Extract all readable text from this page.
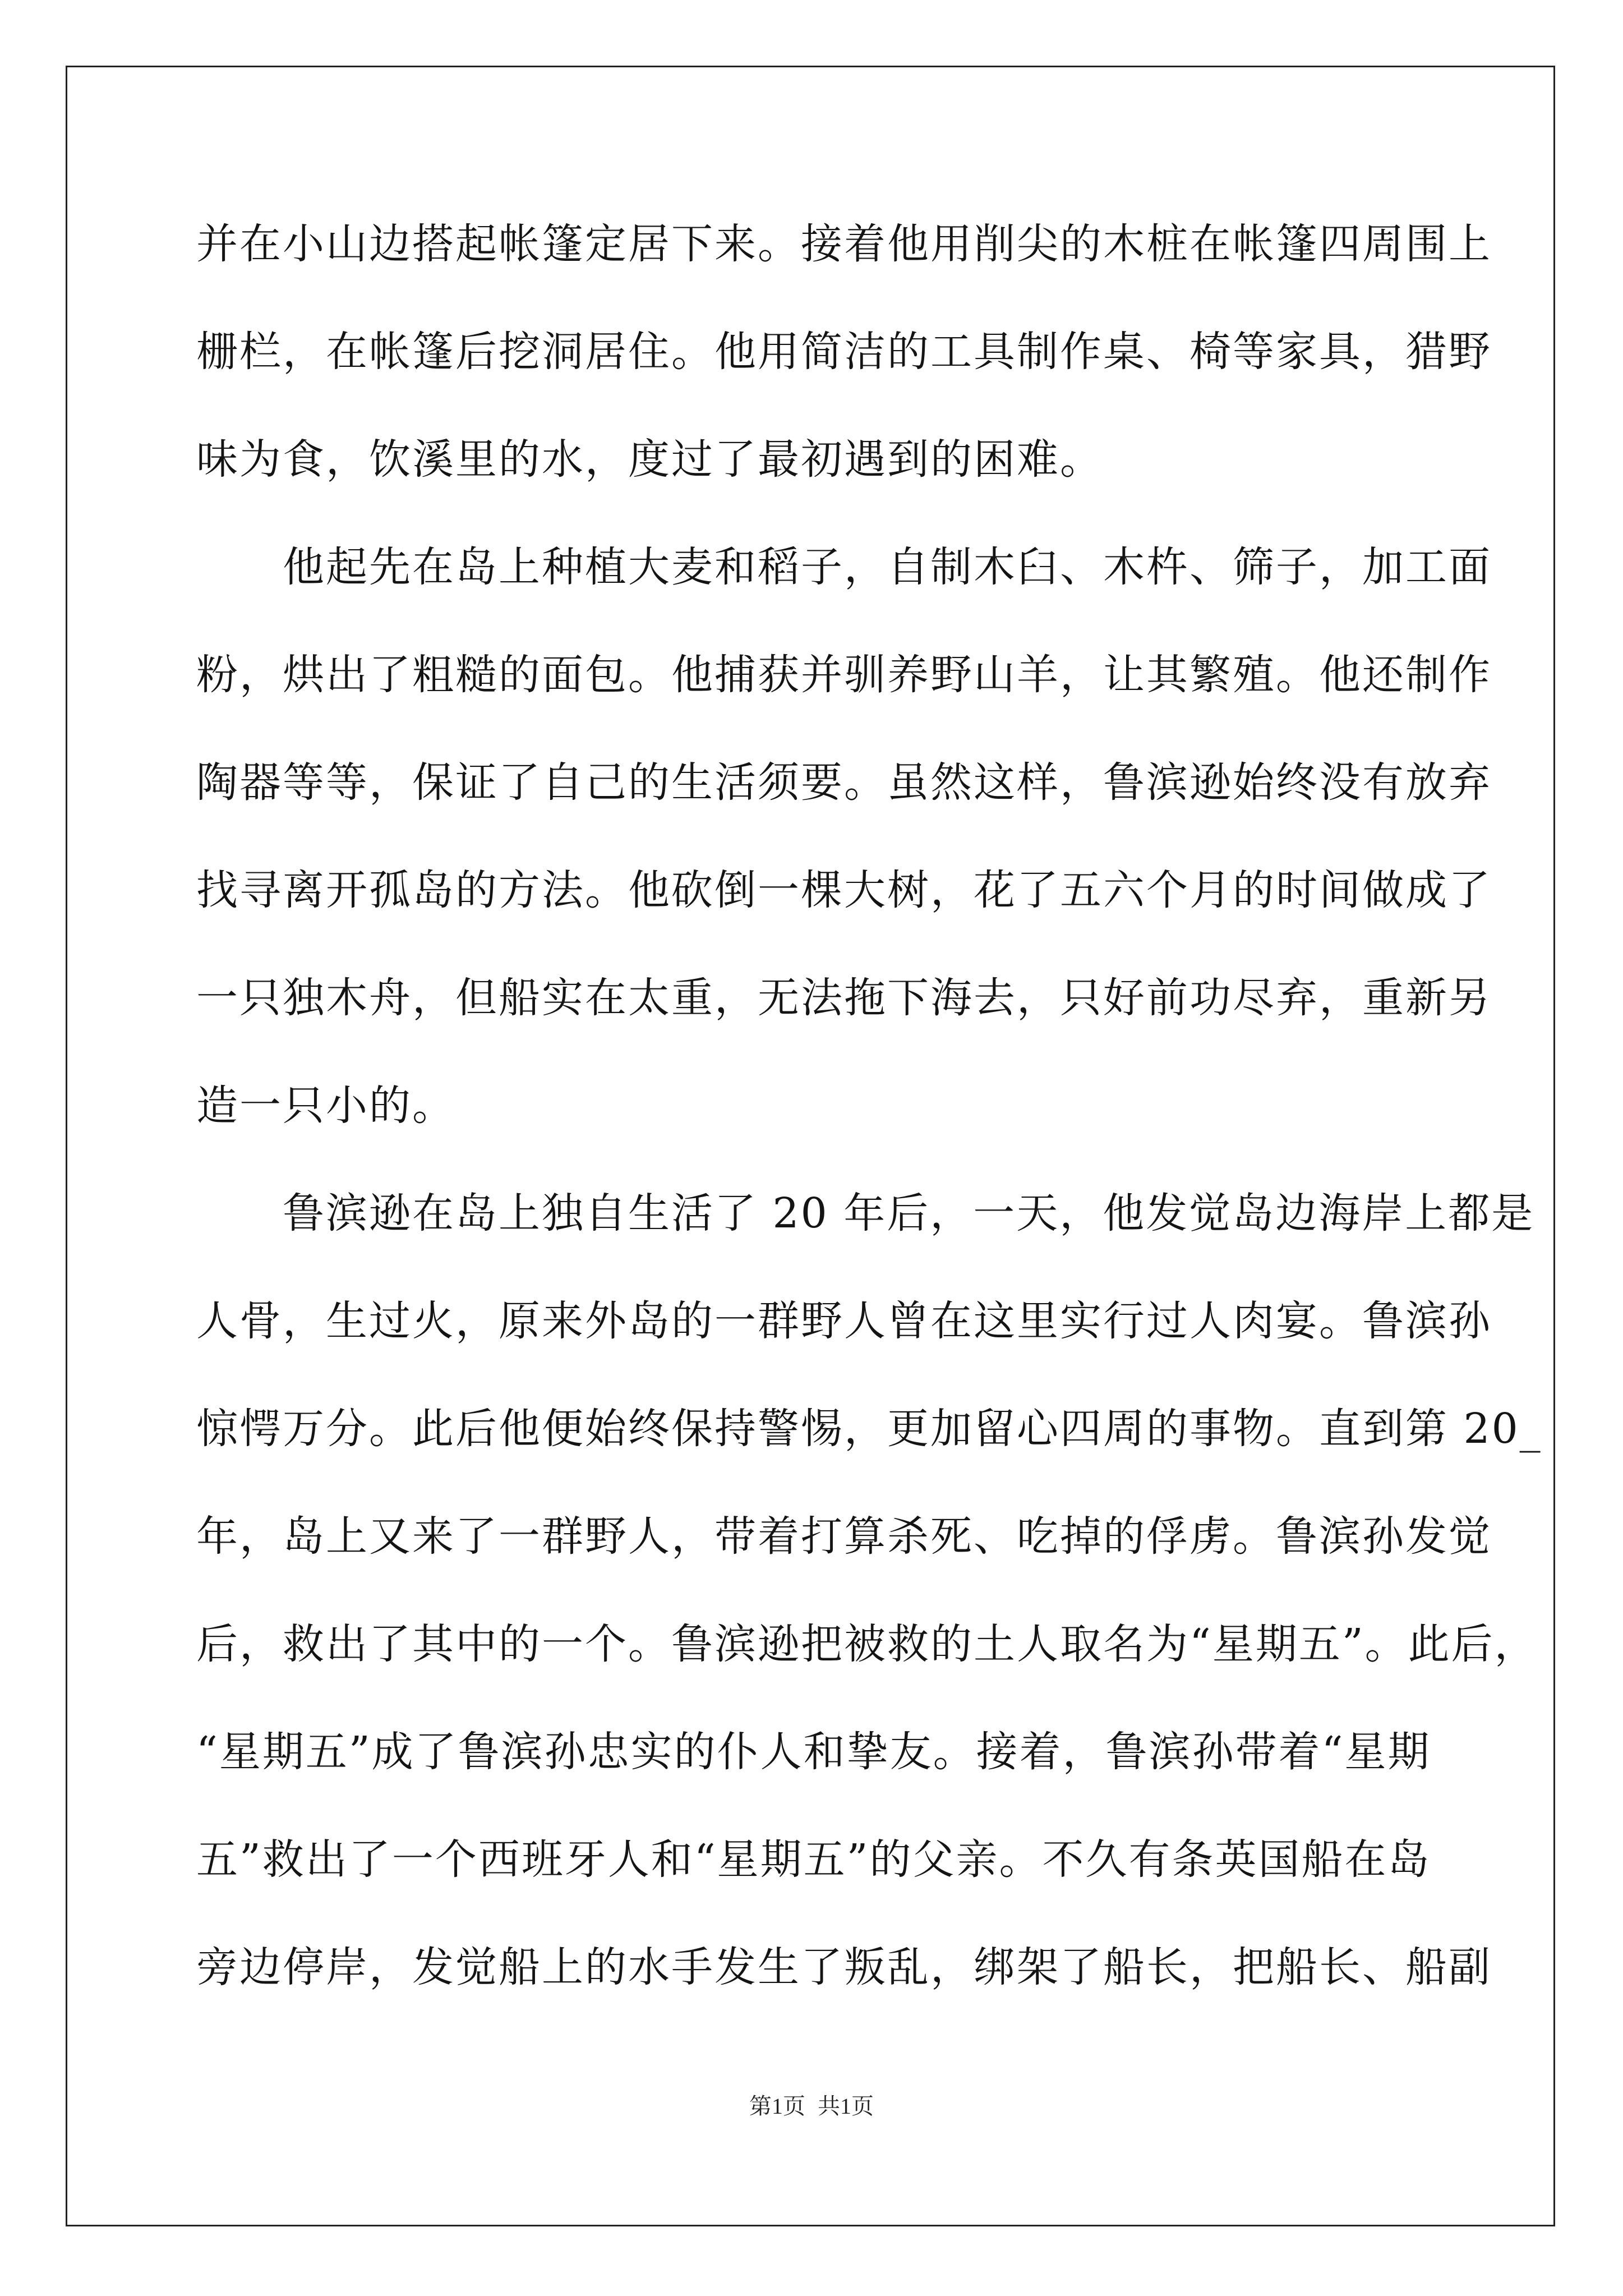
并在小山边搭起帐篷定居下来。接着他用削尖的木桩在帐篷四周围上
栅栏，在帐篷后挖洞居住。他用简洁的工具制作桌、椅等家具，猎野
味为食，饮溪里的水，度过了最初遇到的困难。
　　他起先在岛上种植大麦和稻子，自制木臼、木杵、筛子，加工面
粉，烘出了粗糙的面包。他捕获并驯养野山羊，让其繁殖。他还制作
陶器等等，保证了自己的生活须要。虽然这样，鲁滨逊始终没有放弃
找寻离开孤岛的方法。他砍倒一棵大树，花了五六个月的时间做成了
一只独木舟，但船实在太重，无法拖下海去，只好前功尽弃，重新另
造一只小的。
　　鲁滨逊在岛上独自生活了 20 年后，一天，他发觉岛边海岸上都是
人骨，生过火，原来外岛的一群野人曾在这里实行过人肉宴。鲁滨孙
惊愕万分。此后他便始终保持警惕，更加留心四周的事物。直到第 20_
年，岛上又来了一群野人，带着打算杀死、吃掉的俘虏。鲁滨孙发觉
后，救出了其中的一个。鲁滨逊把被救的土人取名为“星期五”。此后，
“星期五”成了鲁滨孙忠实的仆人和挚友。接着，鲁滨孙带着“星期
五”救出了一个西班牙人和“星期五”的父亲。不久有条英国船在岛
旁边停岸，发觉船上的水手发生了叛乱，绑架了船长，把船长、船副
第1页 共1页
